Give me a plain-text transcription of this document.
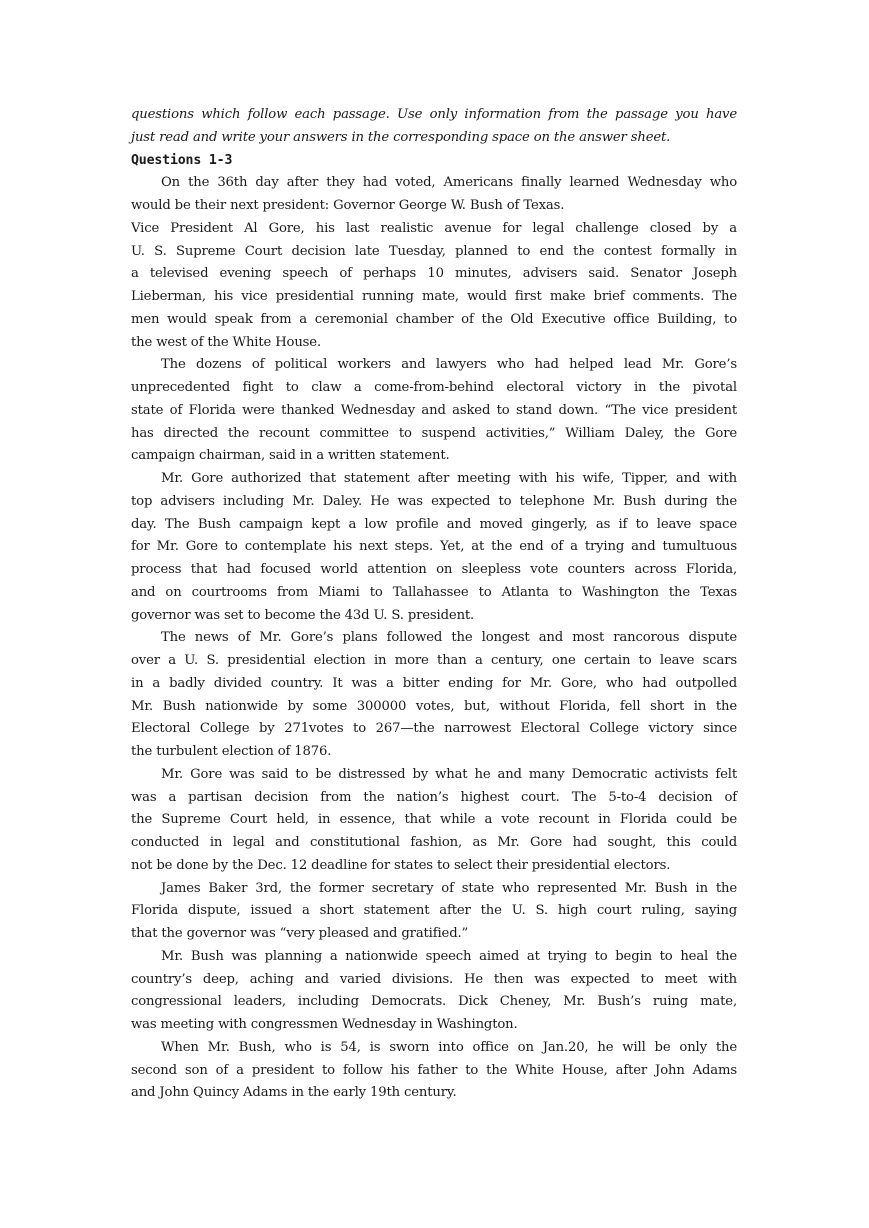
questions which follow each passage. Use only information from the passage you have
just read and write your answers in the corresponding space on the answer sheet.
Questions 1-3
On the 36th day after they had voted, Americans finally learned Wednesday who
would be their next president: Governor George W. Bush of Texas.
Vice President Al Gore, his last realistic avenue for legal challenge closed by a
U. S. Supreme Court decision late Tuesday, planned to end the contest formally in
a televised evening speech of perhaps 10 minutes, advisers said. Senator Joseph
Lieberman, his vice presidential running mate, would first make brief comments. The
men would speak from a ceremonial chamber of the Old Executive office Building, to
the west of the White House.
The dozens of political workers and lawyers who had helped lead Mr. Gore’s
unprecedented fight to claw a come-from-behind electoral victory in the pivotal
state of Florida were thanked Wednesday and asked to stand down. “The vice president
has directed the recount committee to suspend activities,” William Daley, the Gore
campaign chairman, said in a written statement.
Mr. Gore authorized that statement after meeting with his wife, Tipper, and with
top advisers including Mr. Daley. He was expected to telephone Mr. Bush during the
day. The Bush campaign kept a low profile and moved gingerly, as if to leave space
for Mr. Gore to contemplate his next steps. Yet, at the end of a trying and tumultuous
process that had focused world attention on sleepless vote counters across Florida,
and on courtrooms from Miami to Tallahassee to Atlanta to Washington the Texas
governor was set to become the 43d U. S. president.
The news of Mr. Gore’s plans followed the longest and most rancorous dispute
over a U. S. presidential election in more than a century, one certain to leave scars
in a badly divided country. It was a bitter ending for Mr. Gore, who had outpolled
Mr. Bush nationwide by some 300000 votes, but, without Florida, fell short in the
Electoral College by 271votes to 267—the narrowest Electoral College victory since
the turbulent election of 1876.
Mr. Gore was said to be distressed by what he and many Democratic activists felt
was a partisan decision from the nation’s highest court. The 5-to-4 decision of
the Supreme Court held, in essence, that while a vote recount in Florida could be
conducted in legal and constitutional fashion, as Mr. Gore had sought, this could
not be done by the Dec. 12 deadline for states to select their presidential electors.
James Baker 3rd, the former secretary of state who represented Mr. Bush in the
Florida dispute, issued a short statement after the U. S. high court ruling, saying
that the governor was “very pleased and gratified.”
Mr. Bush was planning a nationwide speech aimed at trying to begin to heal the
country’s deep, aching and varied divisions. He then was expected to meet with
congressional leaders, including Democrats. Dick Cheney, Mr. Bush’s ruing mate,
was meeting with congressmen Wednesday in Washington.
When Mr. Bush, who is 54, is sworn into office on Jan.20, he will be only the
second son of a president to follow his father to the White House, after John Adams
and John Quincy Adams in the early 19th century.
